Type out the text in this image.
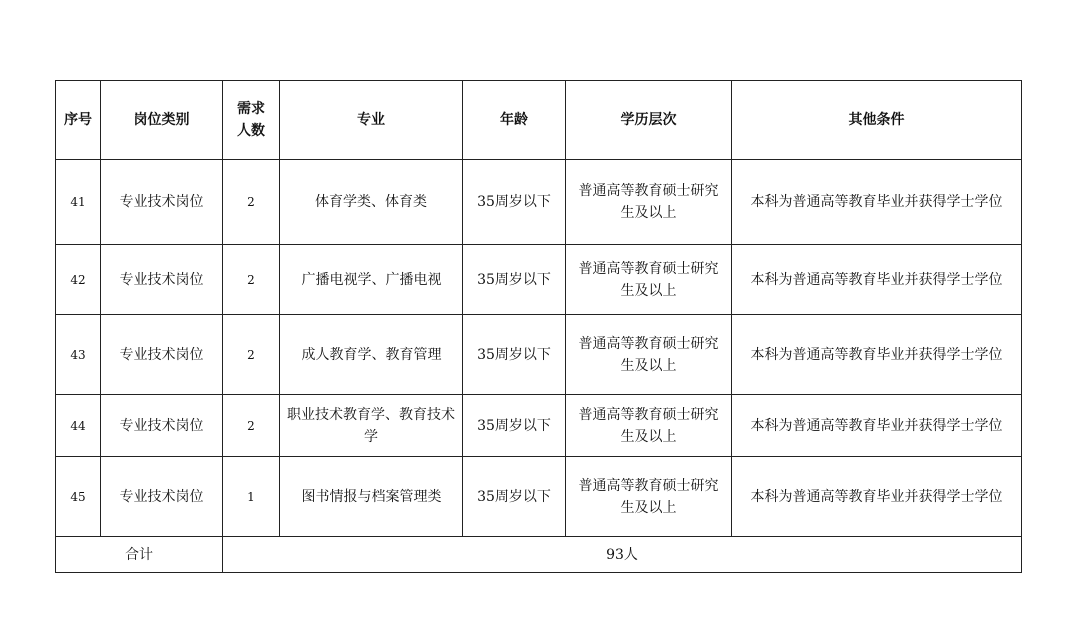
序号	岗位类别	需求人数	专业	年龄	学历层次	其他条件
41	专业技术岗位	2	体育学类、体育类	35周岁以下	普通高等教育硕士研究生及以上	本科为普通高等教育毕业并获得学士学位
42	专业技术岗位	2	广播电视学、广播电视	35周岁以下	普通高等教育硕士研究生及以上	本科为普通高等教育毕业并获得学士学位
43	专业技术岗位	2	成人教育学、教育管理	35周岁以下	普通高等教育硕士研究生及以上	本科为普通高等教育毕业并获得学士学位
44	专业技术岗位	2	职业技术教育学、教育技术学	35周岁以下	普通高等教育硕士研究生及以上	本科为普通高等教育毕业并获得学士学位
45	专业技术岗位	1	图书情报与档案管理类	35周岁以下	普通高等教育硕士研究生及以上	本科为普通高等教育毕业并获得学士学位
合计		93人				
